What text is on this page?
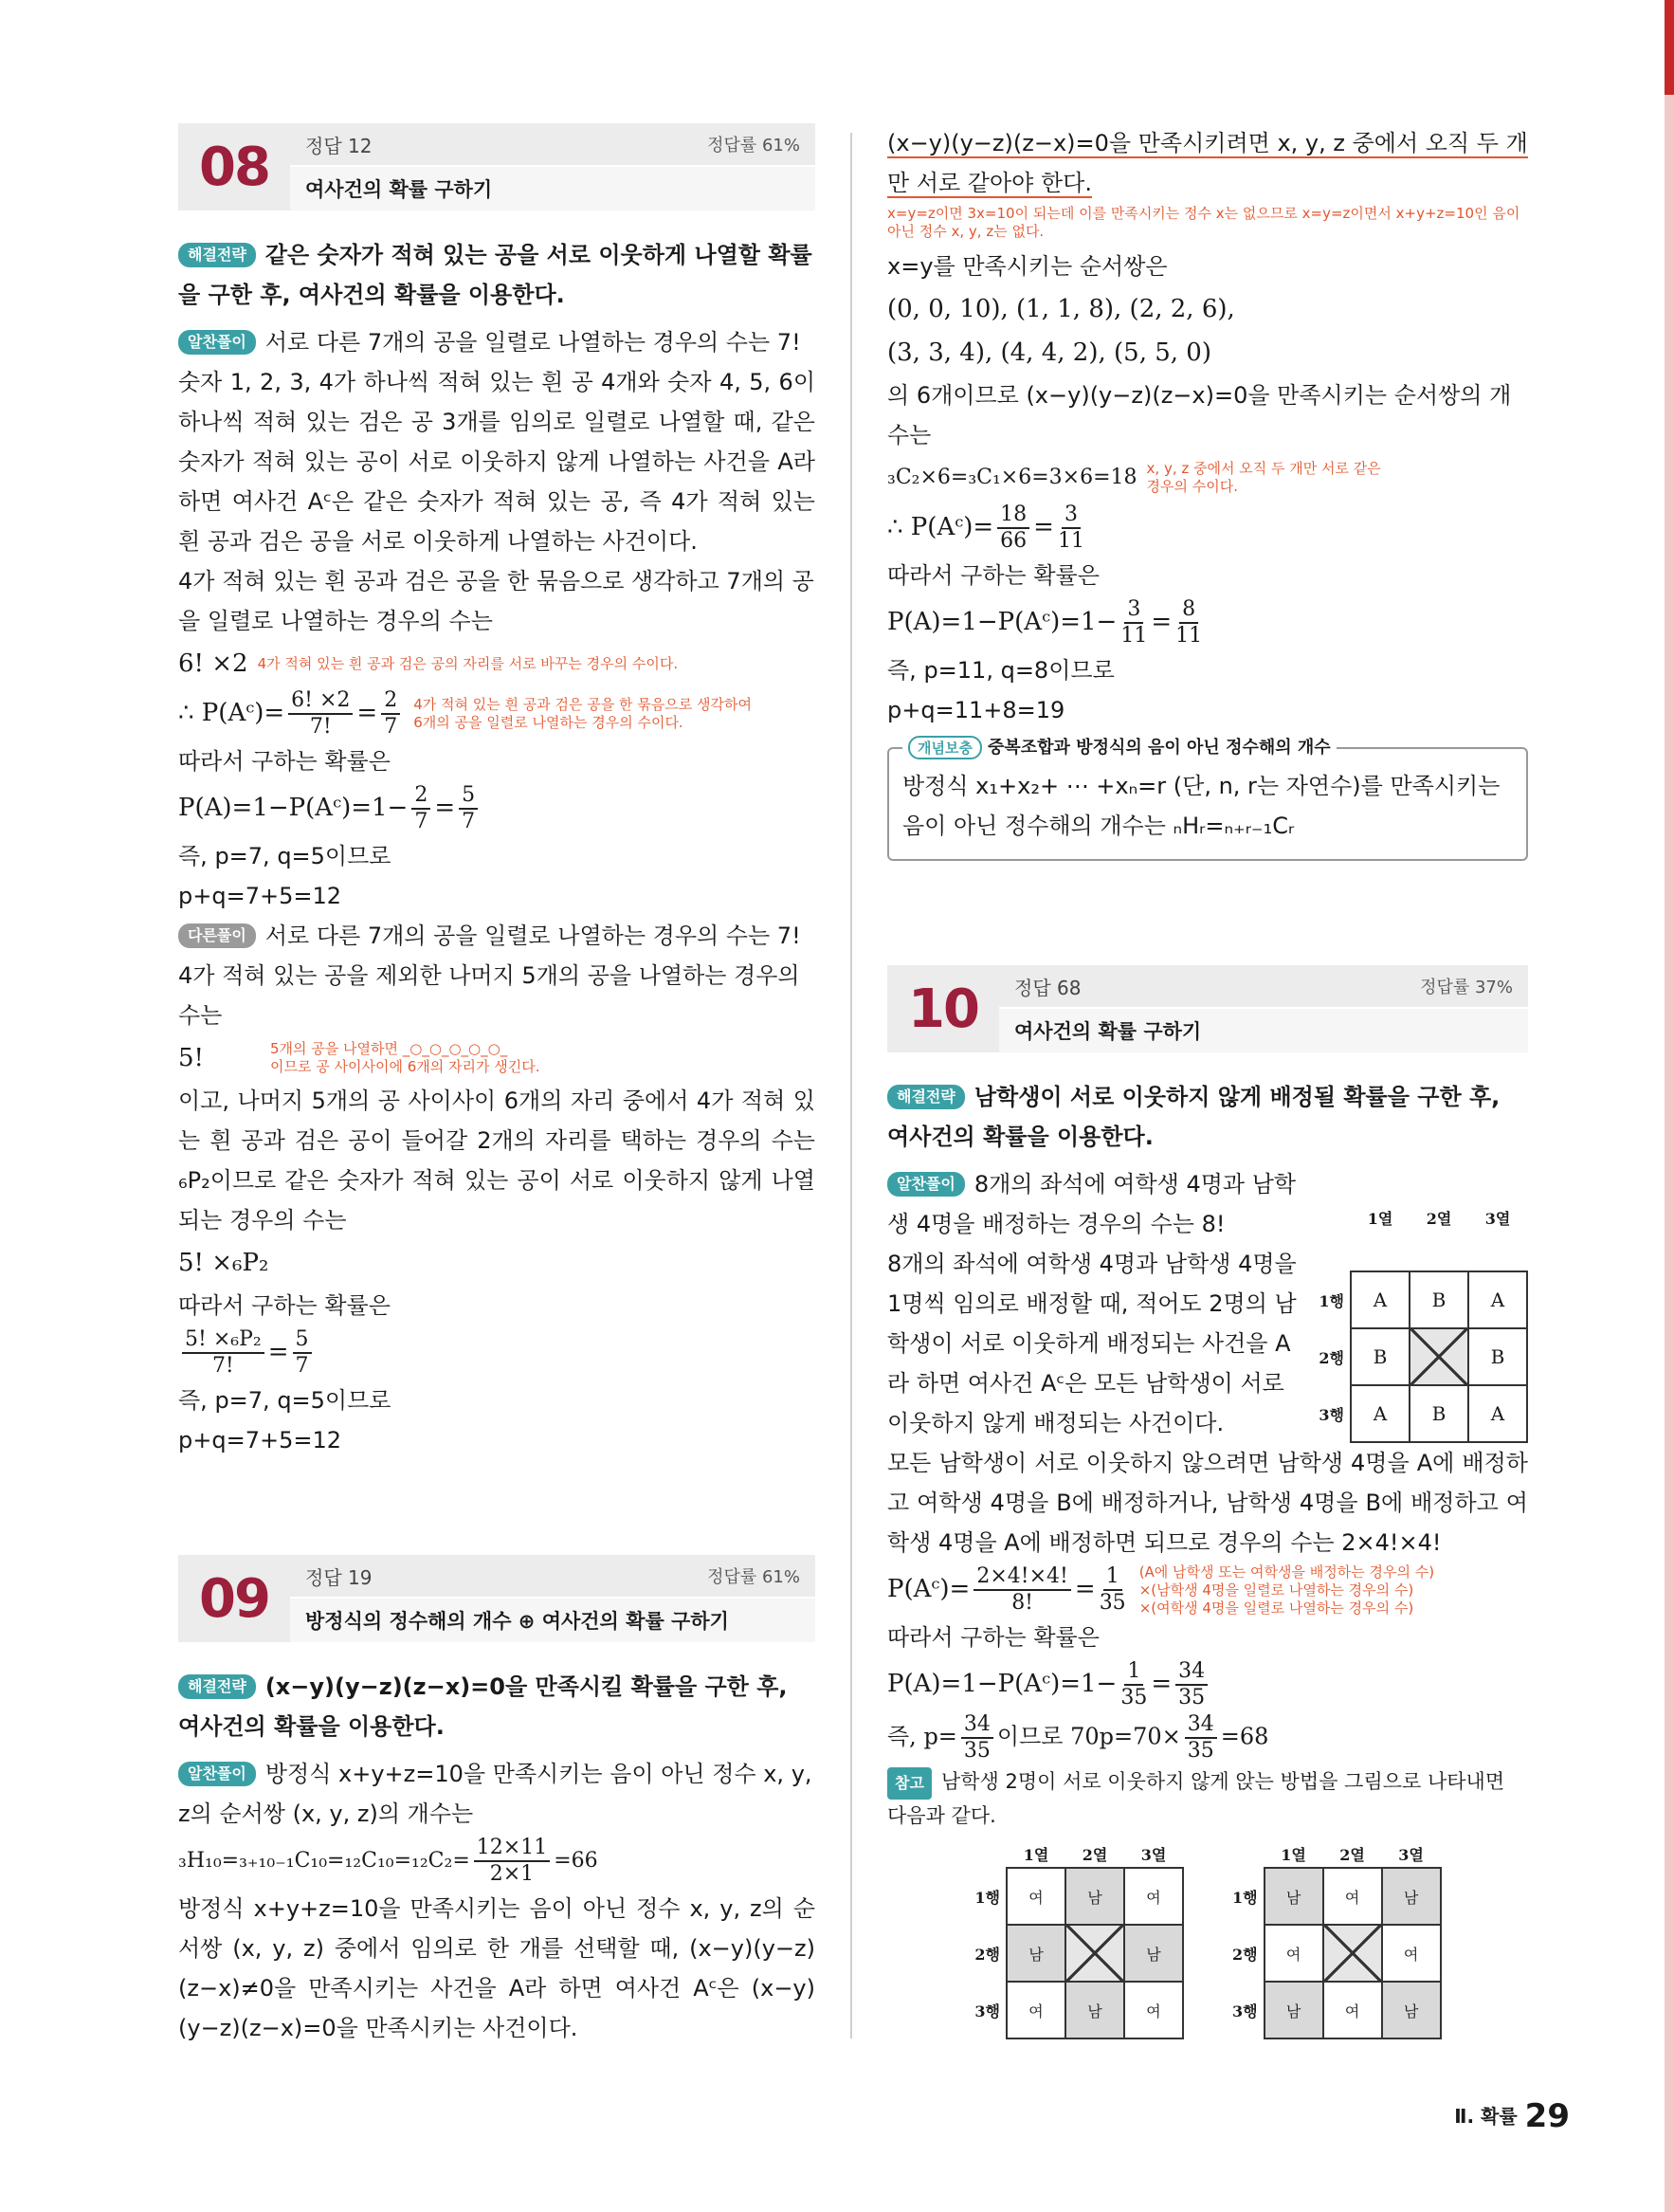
08	정답 12	정답률 61%
여사건의 확률 구하기

해결전략 같은 숫자가 적혀 있는 공을 서로 이웃하게 나열할 확률을 구한 후, 여사건의 확률을 이용한다.

알찬풀이 서로 다른 7개의 공을 일렬로 나열하는 경우의 수는 7!

숫자 1, 2, 3, 4가 하나씩 적혀 있는 흰 공 4개와 숫자 4, 5, 6이 하나씩 적혀 있는 검은 공 3개를 임의로 일렬로 나열할 때, 같은 숫자가 적혀 있는 공이 서로 이웃하지 않게 나열하는 사건을 A라 하면 여사건 Aᶜ은 같은 숫자가 적혀 있는 공, 즉 4가 적혀 있는 흰 공과 검은 공을 서로 이웃하게 나열하는 사건이다.

4가 적혀 있는 흰 공과 검은 공을 한 묶음으로 생각하고 7개의 공을 일렬로 나열하는 경우의 수는

6! ×2 4가 적혀 있는 흰 공과 검은 공의 자리를 서로 바꾸는 경우의 수이다.
∴ P(Aᶜ)= $\frac{6! \times 2}{7!} = \frac{2}{7} 4$가 적혀 있는 흰 공과 검은 공을 한 묶음으로 생각하여 6개의 공을 일렬로 나열하는 경우의 수이다.

따라서 구하는 확률은

P(A)=1−P(Aᶜ)=1− $\frac{2}{7} = \frac{5}{7}$

즉, p=7, q=5이므로

p+q=7+5=12

다른풀이 서로 다른 7개의 공을 일렬로 나열하는 경우의 수는 7!

4가 적혀 있는 공을 제외한 나머지 5개의 공을 나열하는 경우의 수는

5!	5개의 공을 나열하면 _○_○_○_○_○_
이므로 공 사이사이에 6개의 자리가 생긴다.

이고, 나머지 5개의 공 사이사이 6개의 자리 중에서 4가 적혀 있는 흰 공과 검은 공이 들어갈 2개의 자리를 택하는 경우의 수는 ₆P₂이므로 같은 숫자가 적혀 있는 공이 서로 이웃하지 않게 나열되는 경우의 수는

5! ×₆P₂

따라서 구하는 확률은

$\frac{\text{5! ×₆P₂}}{7!} = \frac{5}{7}$

즉, p=7, q=5이므로

p+q=7+5=12

09	정답 19	정답률 61%
방정식의 정수해의 개수 ⊕ 여사건의 확률 구하기

해결전략 (x−y)(y−z)(z−x)=0을 만족시킬 확률을 구한 후, 여사건의 확률을 이용한다.

알찬풀이 방정식 x+y+z=10을 만족시키는 음이 아닌 정수 x, y, z의 순서쌍 (x, y, z)의 개수는

$_3H_{10}=_{3+10-1}C_{10}=_{12}C_{10}=_{12}C_2= \frac{12\times 11}{2\times 1} =66$

방정식 x+y+z=10을 만족시키는 음이 아닌 정수 x, y, z의 순서쌍 (x, y, z) 중에서 임의로 한 개를 선택할 때, (x−y)(y−z)(z−x)≠0을 만족시키는 사건을 A라 하면 여사건 Aᶜ은 (x−y)(y−z)(z−x)=0을 만족시키는 사건이다.

(x−y)(y−z)(z−x)=0을 만족시키려면 x, y, z 중에서 오직 두 개만 서로 같아야 한다.

x=y=z이면 3x=10이 되는데 이를 만족시키는 정수 x는 없으므로 x=y=z이면서 x+y+z=10인 음이 아닌 정수 x, y, z는 없다.

x=y를 만족시키는 순서쌍은

(0, 0, 10), (1, 1, 8), (2, 2, 6),

(3, 3, 4), (4, 4, 2), (5, 5, 0)

의 6개이므로 (x−y)(y−z)(z−x)=0을 만족시키는 순서쌍의 개수는

₃C₂×6=₃C₁×6=3×6=18 x, y, z 중에서 오직 두 개만 서로 같은 경우의 수이다.
∴ P(Aᶜ)= $\frac{18}{66} = \frac{3}{11}$

따라서 구하는 확률은

P(A)=1−P(Aᶜ)=1− $\frac{3}{11} = \frac{8}{11}$

즉, p=11, q=8이므로

p+q=11+8=19

개념보충 중복조합과 방정식의 음이 아닌 정수해의 개수

방정식 x₁+x₂+ ⋯ +xₙ=r (단, n, r는 자연수)를 만족시키는 음이 아닌 정수해의 개수는 ₙHᵣ=ₙ₊ᵣ₋₁Cᵣ

10	정답 68	정답률 37%
여사건의 확률 구하기

해결전략 남학생이 서로 이웃하지 않게 배정될 확률을 구한 후, 여사건의 확률을 이용한다.

알찬풀이 8개의 좌석에 여학생 4명과 남학생 4명을 배정하는 경우의 수는 8!

8개의 좌석에 여학생 4명과 남학생 4명을 1명씩 임의로 배정할 때, 적어도 2명의 남학생이 서로 이웃하게 배정되는 사건을 A라 하면 여사건 Aᶜ은 모든 남학생이 서로 이웃하지 않게 배정되는 사건이다.

	1열	2열	3열
1행	A	B	A
2행	B		B
3행	A	B	A

모든 남학생이 서로 이웃하지 않으려면 남학생 4명을 A에 배정하고 여학생 4명을 B에 배정하거나, 남학생 4명을 B에 배정하고 여학생 4명을 A에 배정하면 되므로 경우의 수는 2×4!×4!

P(Aᶜ)= $\frac{2\times 4!\times 4!}{8!} = \frac{1}{35} (A$에 남학생 또는 여학생을 배정하는 경우의 수)
×(남학생 4명을 일렬로 나열하는 경우의 수)
×(여학생 4명을 일렬로 나열하는 경우의 수)

따라서 구하는 확률은

P(A)=1−P(Aᶜ)=1− $\frac{1}{35} = \frac{34}{35}$
즉, $p= \frac{34}{35}$ 이므로 $70p=70\times \frac{34}{35} =68$

참고 남학생 2명이 서로 이웃하지 않게 앉는 방법을 그림으로 나타내면 다음과 같다.

	1열	2열	3열
1행	여	남	여
2행	남		남
3행	여	남	여
	1열	2열	3열
1행	남	여	남
2행	여		여
3행	남	여	남
Ⅱ. 확률 29
